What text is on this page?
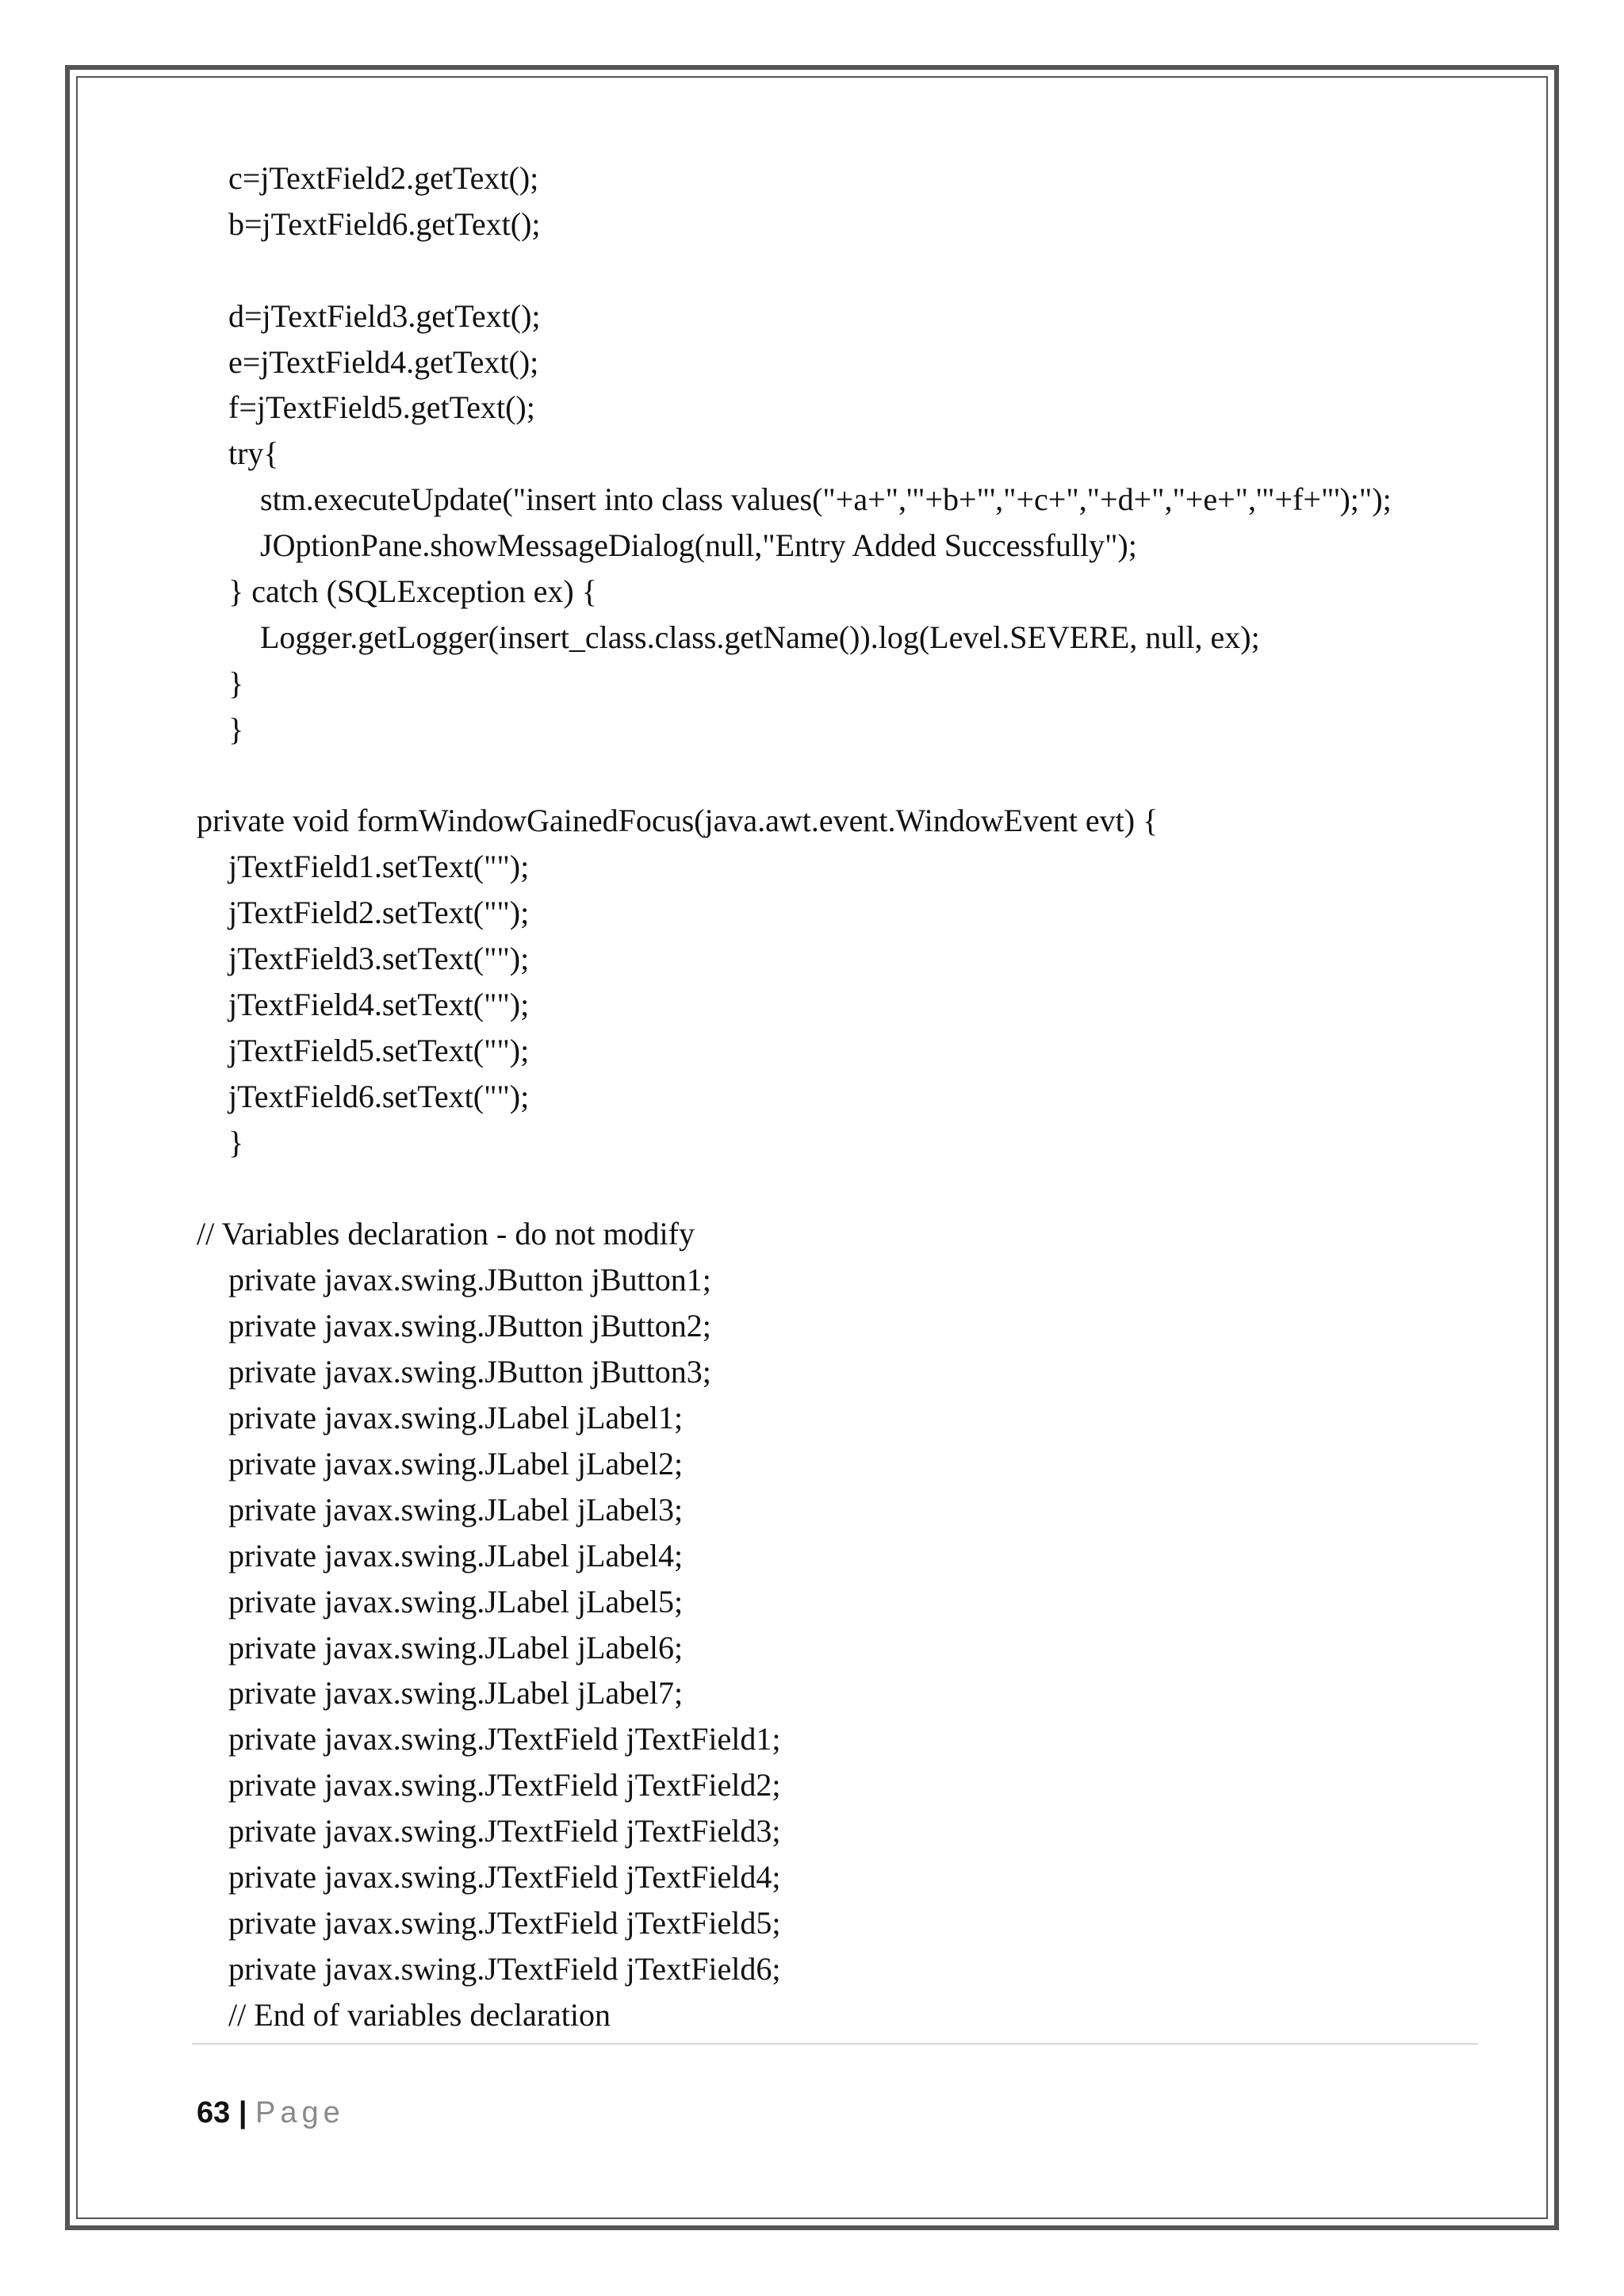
c=jTextField2.getText();
b=jTextField6.getText();
d=jTextField3.getText();
e=jTextField4.getText();
f=jTextField5.getText();
try{
stm.executeUpdate("insert into class values("+a+",'"+b+"',"+c+","+d+","+e+",'"+f+"');");
JOptionPane.showMessageDialog(null,"Entry Added Successfully");
} catch (SQLException ex) {
Logger.getLogger(insert_class.class.getName()).log(Level.SEVERE, null, ex);
}
}
private void formWindowGainedFocus(java.awt.event.WindowEvent evt) {
jTextField1.setText("");
jTextField2.setText("");
jTextField3.setText("");
jTextField4.setText("");
jTextField5.setText("");
jTextField6.setText("");
}
// Variables declaration - do not modify
private javax.swing.JButton jButton1;
private javax.swing.JButton jButton2;
private javax.swing.JButton jButton3;
private javax.swing.JLabel jLabel1;
private javax.swing.JLabel jLabel2;
private javax.swing.JLabel jLabel3;
private javax.swing.JLabel jLabel4;
private javax.swing.JLabel jLabel5;
private javax.swing.JLabel jLabel6;
private javax.swing.JLabel jLabel7;
private javax.swing.JTextField jTextField1;
private javax.swing.JTextField jTextField2;
private javax.swing.JTextField jTextField3;
private javax.swing.JTextField jTextField4;
private javax.swing.JTextField jTextField5;
private javax.swing.JTextField jTextField6;
// End of variables declaration
63 | Page
